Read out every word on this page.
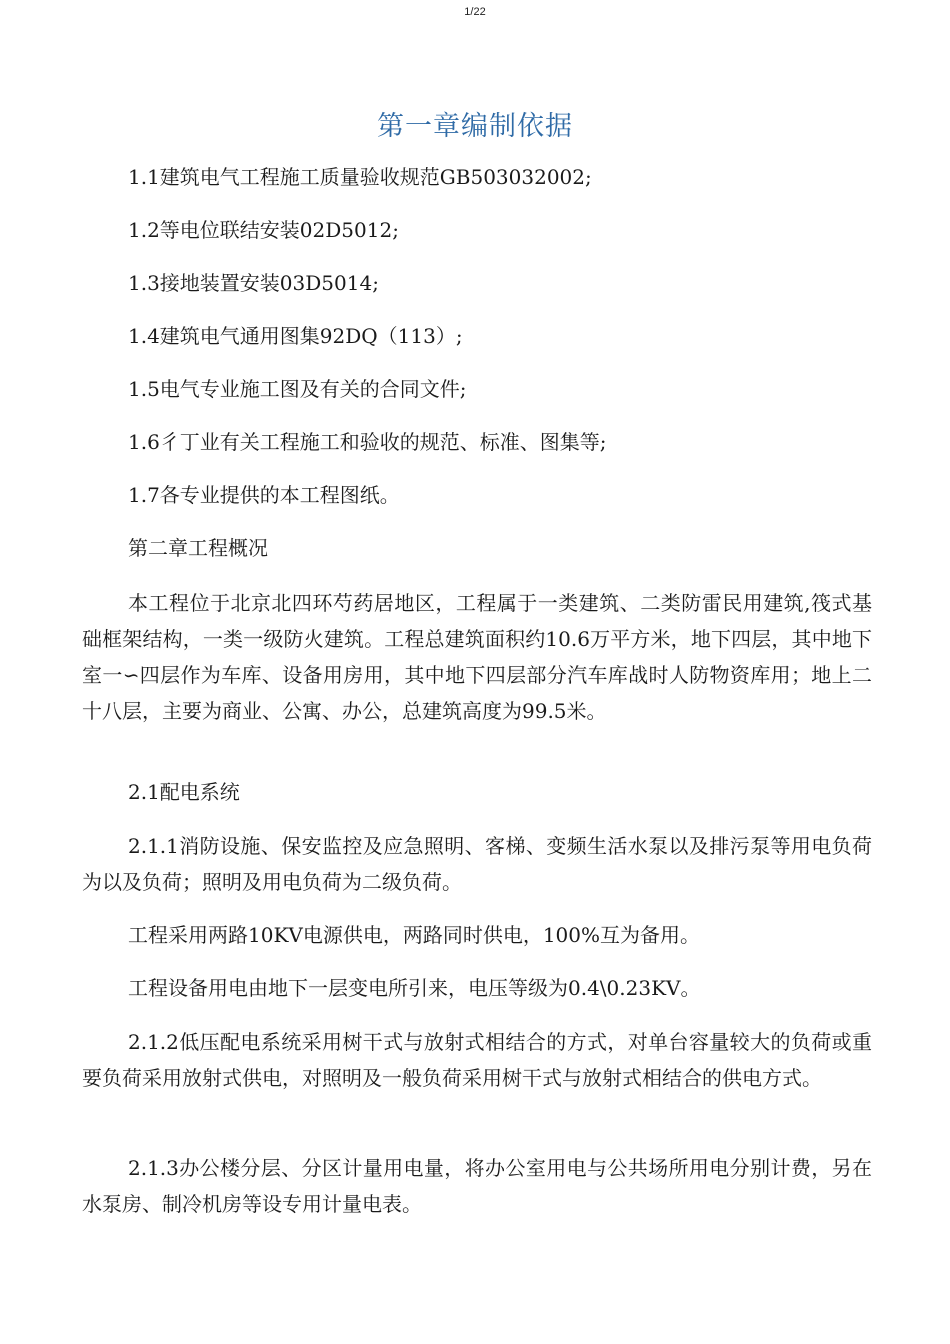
1/22
第一章编制依据
1.1建筑电气工程施工质量验收规范GB503032002;
1.2等电位联结安装02D5012;
1.3接地装置安装03D5014;
1.4建筑电气通用图集92DQ（113）;
1.5电气专业施工图及有关的合同文件;
1.6彳丁业有关工程施工和验收的规范、标准、图集等;
1.7各专业提供的本工程图纸。
第二章工程概况
本工程位于北京北四环芍药居地区，工程属于一类建筑、二类防雷民用建筑,筏式基础框架结构，一类一级防火建筑。工程总建筑面积约10.6万平方米，地下四层，其中地下室一∽四层作为车库、设备用房用，其中地下四层部分汽车库战时人防物资库用；地上二十八层，主要为商业、公寓、办公，总建筑高度为99.5米。
2.1配电系统
2.1.1消防设施、保安监控及应急照明、客梯、变频生活水泵以及排污泵等用电负荷为以及负荷；照明及用电负荷为二级负荷。
工程采用两路10KV电源供电，两路同时供电，100%互为备用。
工程设备用电由地下一层变电所引来，电压等级为0.4\0.23KV。
2.1.2低压配电系统采用树干式与放射式相结合的方式，对单台容量较大的负荷或重要负荷采用放射式供电，对照明及一般负荷采用树干式与放射式相结合的供电方式。
2.1.3办公楼分层、分区计量用电量，将办公室用电与公共场所用电分别计费，另在水泵房、制冷机房等设专用计量电表。
